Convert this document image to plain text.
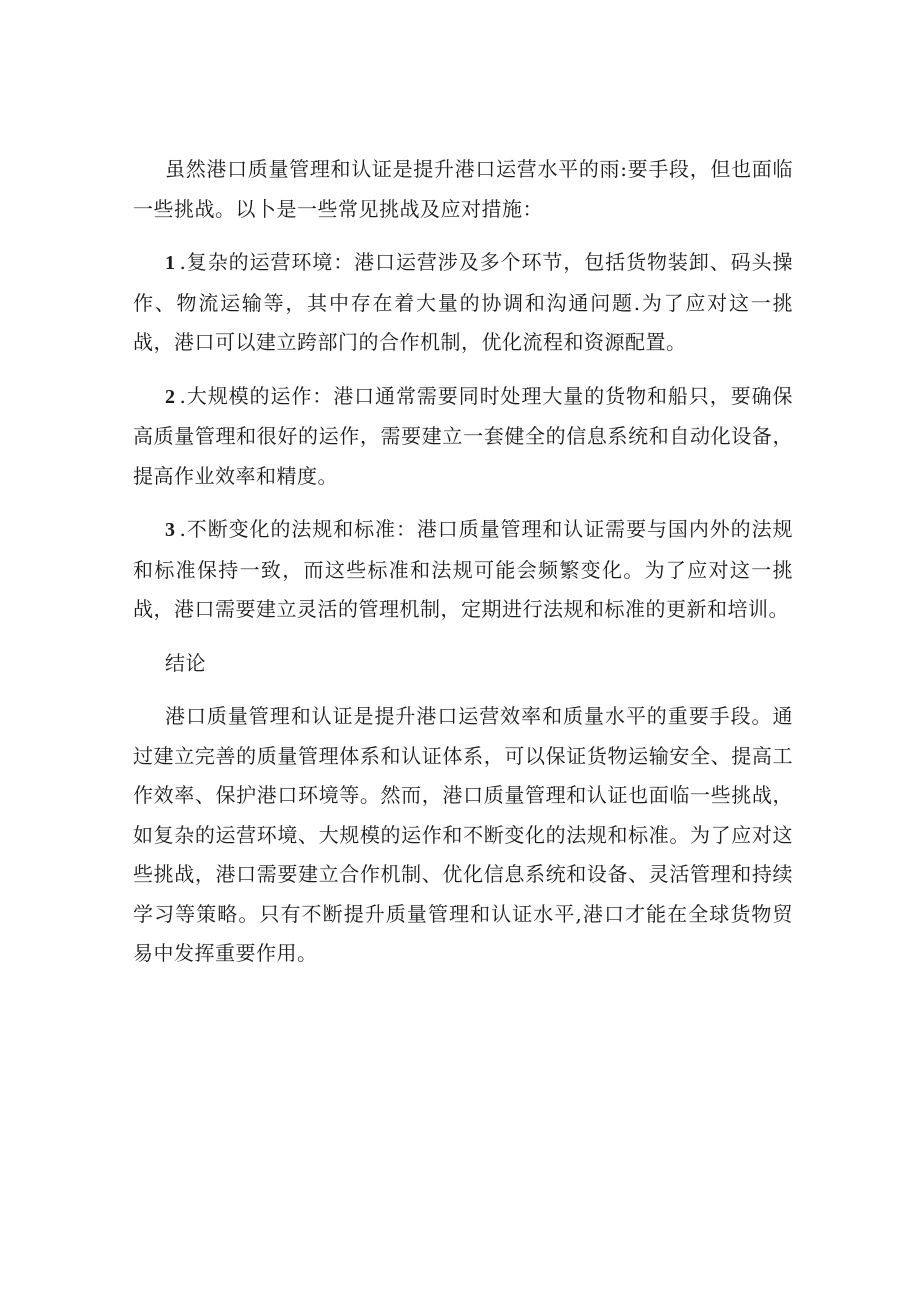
虽然港口质量管理和认证是提升港口运营水平的雨:要手段，但也面临一些挑战。以卜是一些常见挑战及应对措施：

1 .复杂的运营环境：港口运营涉及多个环节，包括货物装卸、码头操作、物流运输等，其中存在着大量的协调和沟通问题.为了应对这一挑战，港口可以建立跨部门的合作机制，优化流程和资源配置。

2 .大规模的运作：港口通常需要同时处理大量的货物和船只，要确保高质量管理和很好的运作，需要建立一套健全的信息系统和自动化设备，提高作业效率和精度。

3 .不断变化的法规和标准：港口质量管理和认证需要与国内外的法规和标准保持一致，而这些标准和法规可能会频繁变化。为了应对这一挑战，港口需要建立灵活的管理机制，定期进行法规和标准的更新和培训。

结论

港口质量管理和认证是提升港口运营效率和质量水平的重要手段。通过建立完善的质量管理体系和认证体系，可以保证货物运输安全、提高工作效率、保护港口环境等。然而，港口质量管理和认证也面临一些挑战，如复杂的运营环境、大规模的运作和不断变化的法规和标准。为了应对这些挑战，港口需要建立合作机制、优化信息系统和设备、灵活管理和持续学习等策略。只有不断提升质量管理和认证水平,港口才能在全球货物贸易中发挥重要作用。
